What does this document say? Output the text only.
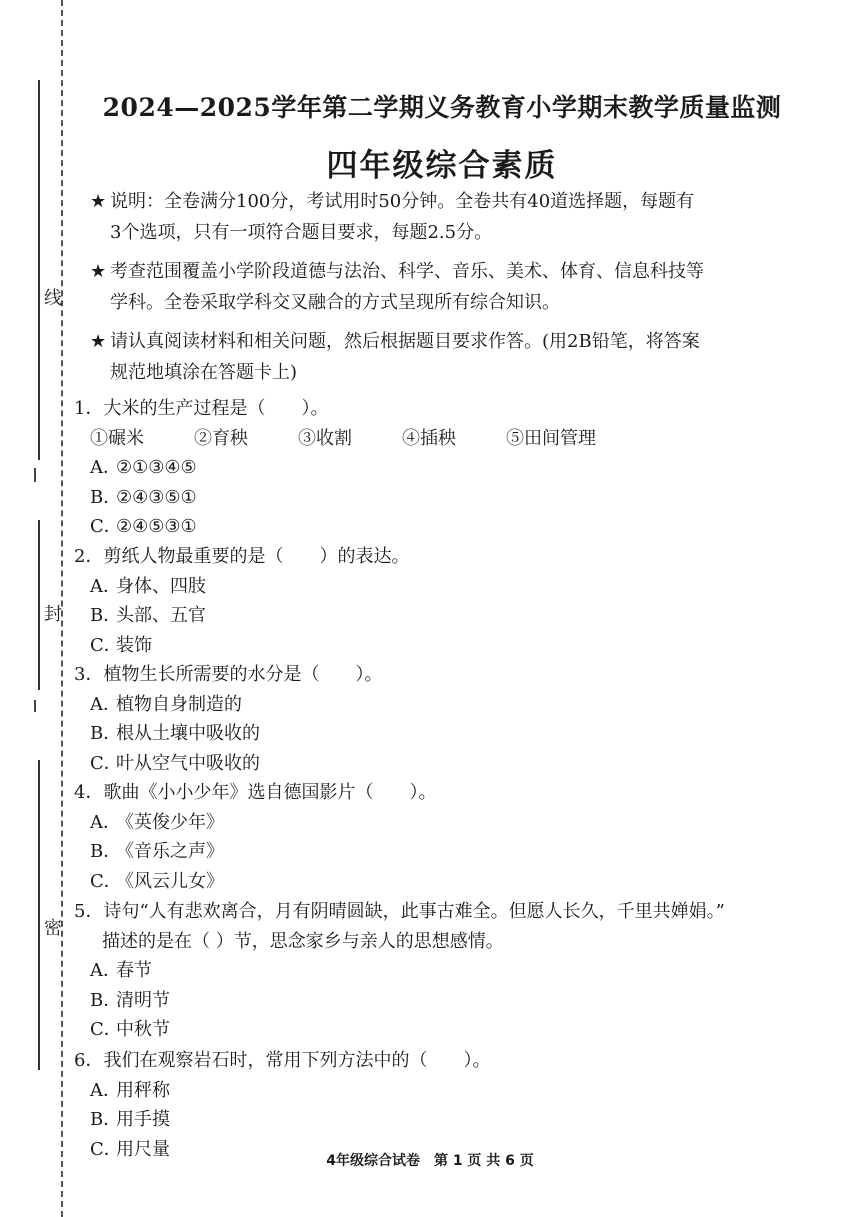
线
封
密
2024—2025学年第二学期义务教育小学期末教学质量监测
四年级综合素质
★ 说明：全卷满分100分，考试用时50分钟。全卷共有40道选择题，每题有
3个选项，只有一项符合题目要求，每题2.5分。
★ 考查范围覆盖小学阶段道德与法治、科学、音乐、美术、体育、信息科技等
学科。全卷采取学科交叉融合的方式呈现所有综合知识。
★ 请认真阅读材料和相关问题，然后根据题目要求作答。(用2B铅笔，将答案
规范地填涂在答题卡上)
1．大米的生产过程是（　　）。
①碾米	②育秧	③收割	④插秧	⑤田间管理
A．②①③④⑤
B．②④③⑤①
C．②④⑤③①
2．剪纸人物最重要的是（　　）的表达。
A．身体、四肢
B．头部、五官
C．装饰
3．植物生长所需要的水分是（　　）。
A．植物自身制造的
B．根从土壤中吸收的
C．叶从空气中吸收的
4．歌曲《小小少年》选自德国影片（　　）。
A．《英俊少年》
B．《音乐之声》
C．《风云儿女》
5．诗句“人有悲欢离合，月有阴晴圆缺，此事古难全。但愿人长久，千里共婵娟。”
描述的是在（ ）节，思念家乡与亲人的思想感情。
A．春节
B．清明节
C．中秋节
6．我们在观察岩石时，常用下列方法中的（　　）。
A．用秤称
B．用手摸
C．用尺量
4年级综合试卷　第 1 页 共 6 页
